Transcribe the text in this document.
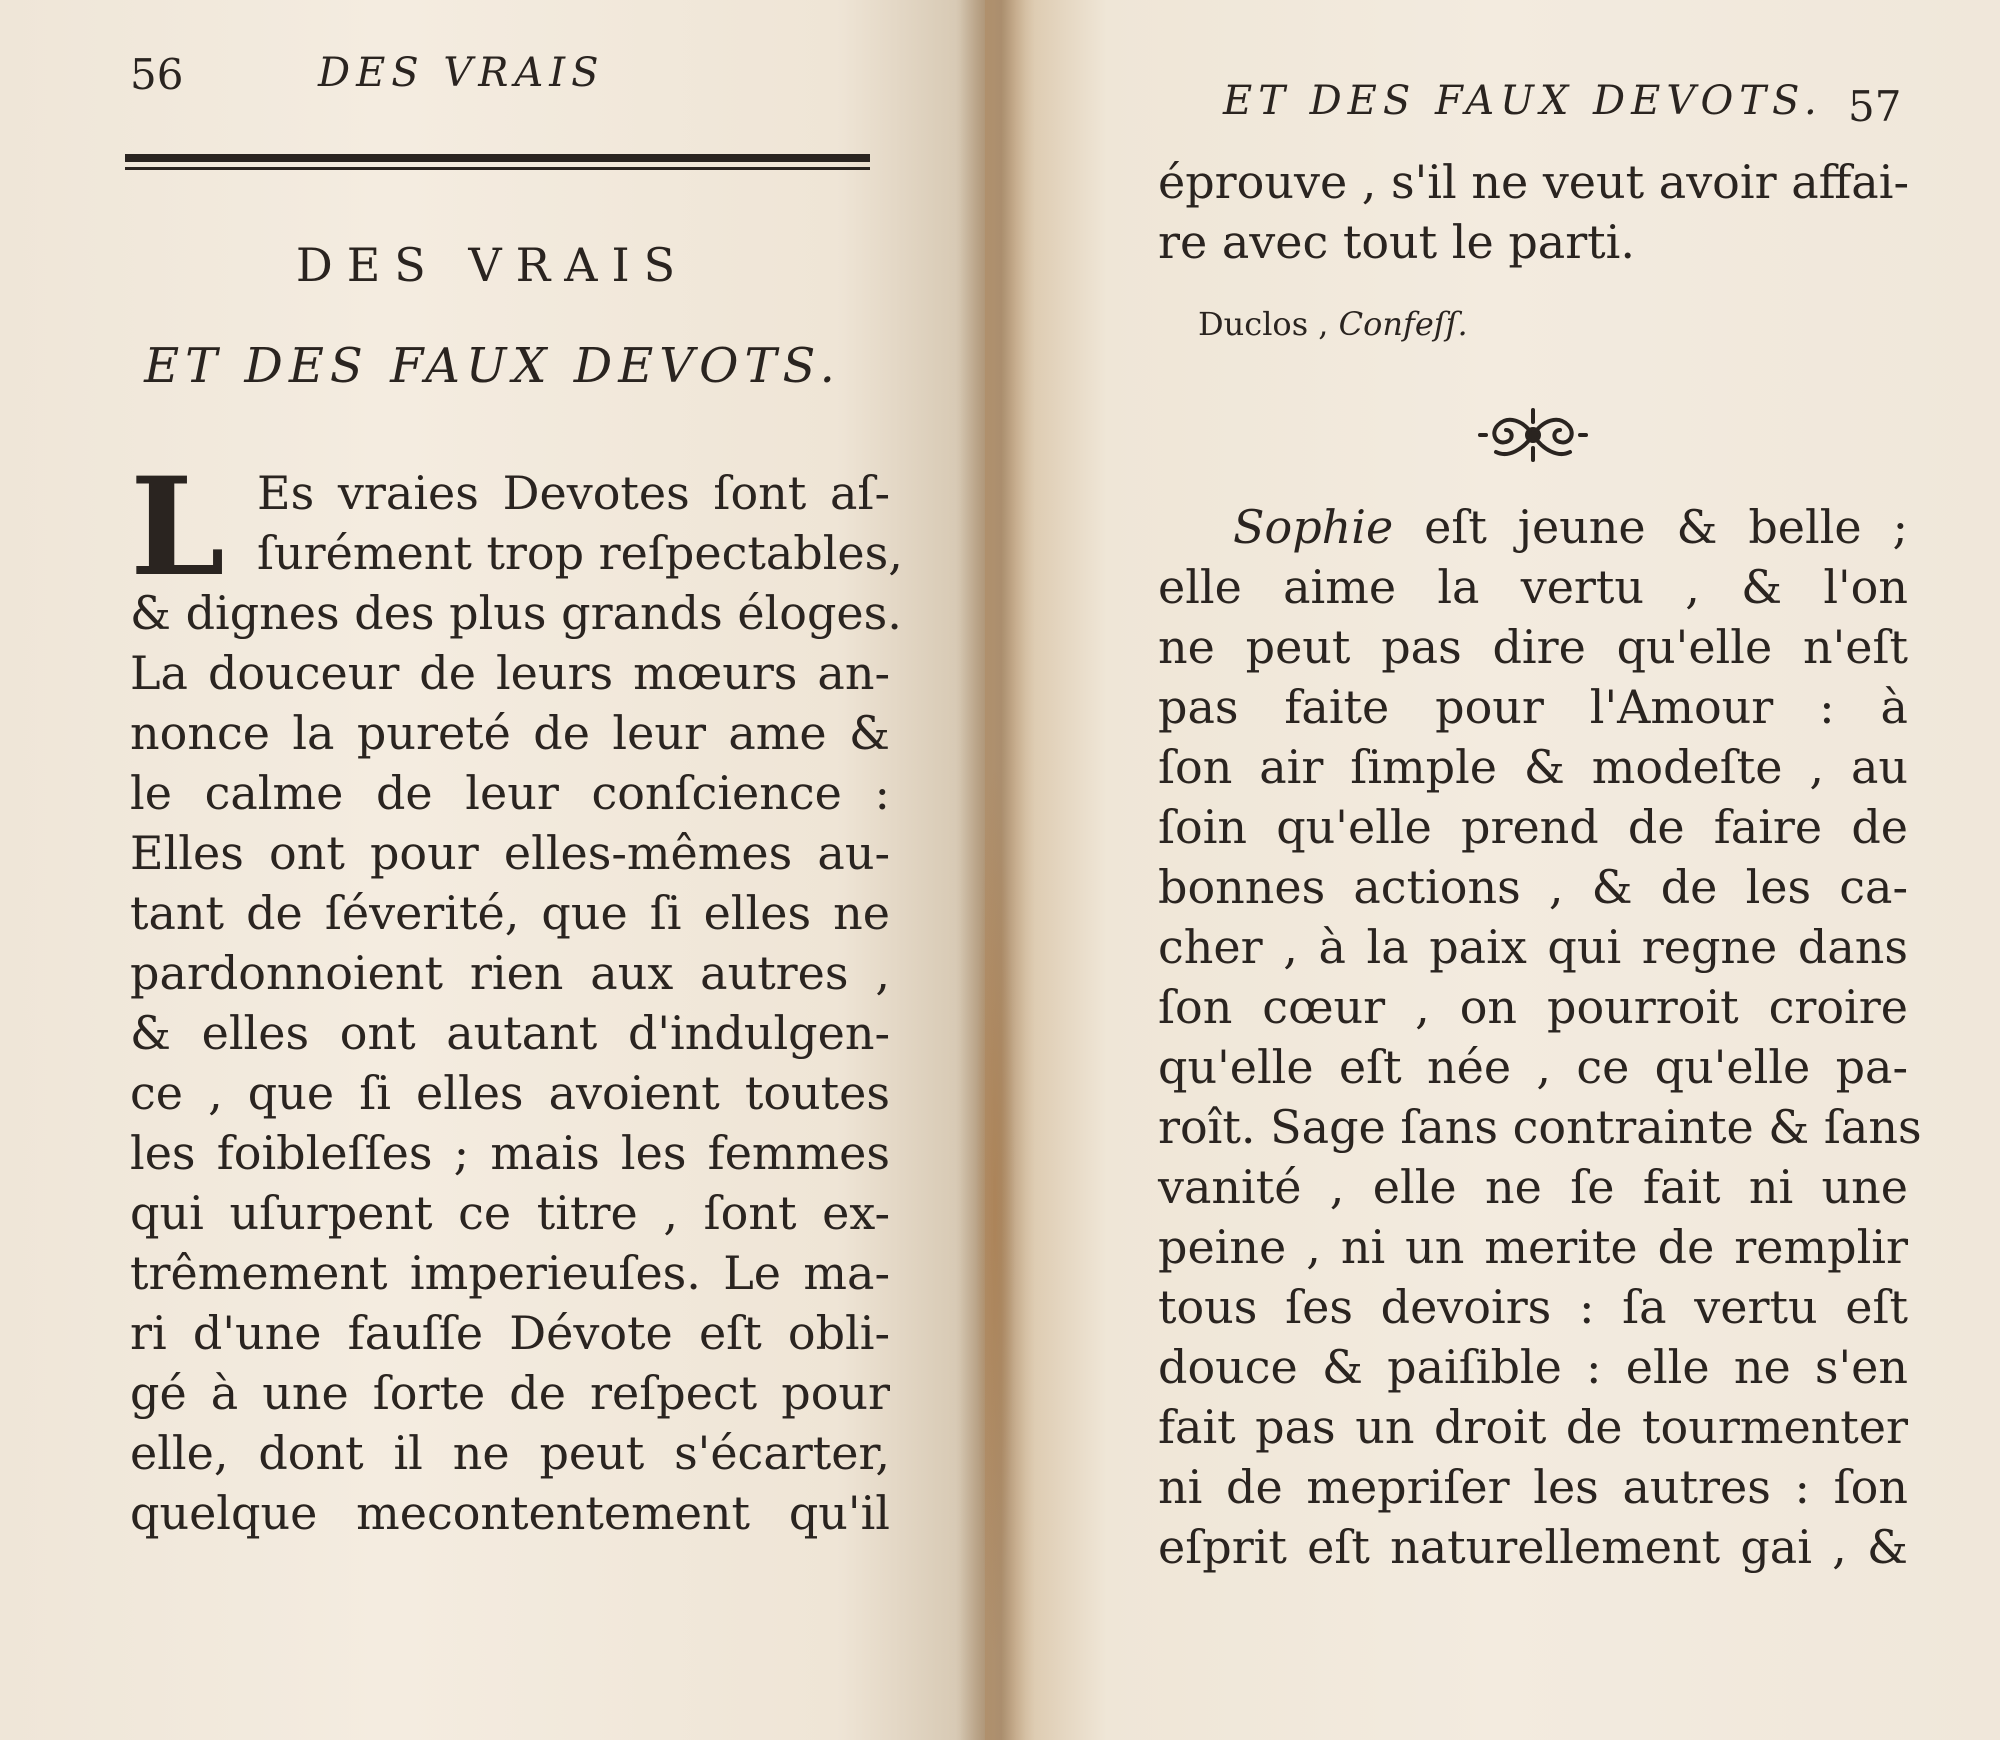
56	DES VRAIS
DES VRAIS
ET DES FAUX DEVOTS.
L Es vraies Devotes ſont aſ-
ſurément trop reſpectables,
& dignes des plus grands éloges.
La douceur de leurs mœurs an-
nonce la pureté de leur ame &
le calme de leur conſcience :
Elles ont pour elles-mêmes au-
tant de ſéverité, que ſi elles ne
pardonnoient rien aux autres ,
& elles ont autant d'indulgen-
ce , que ſi elles avoient toutes
les foibleſſes ; mais les femmes
qui uſurpent ce titre , ſont ex-
trêmement imperieuſes. Le ma-
ri d'une fauſſe Dévote eſt obli-
gé à une ſorte de reſpect pour
elle, dont il ne peut s'écarter,
quelque mecontentement qu'il
ET DES FAUX DEVOTS. 57
éprouve , s'il ne veut avoir affai-
re avec tout le parti.
Duclos , Confeſſ.
Sophie eſt jeune & belle ;
elle aime la vertu , & l'on
ne peut pas dire qu'elle n'eſt
pas faite pour l'Amour : à
ſon air ſimple & modeſte , au
ſoin qu'elle prend de faire de
bonnes actions , & de les ca-
cher , à la paix qui regne dans
ſon cœur , on pourroit croire
qu'elle eſt née , ce qu'elle pa-
roît. Sage ſans contrainte & ſans
vanité , elle ne ſe fait ni une
peine , ni un merite de remplir
tous ſes devoirs : ſa vertu eſt
douce & paiſible : elle ne s'en
fait pas un droit de tourmenter
ni de mepriſer les autres : ſon
eſprit eſt naturellement gai , &
